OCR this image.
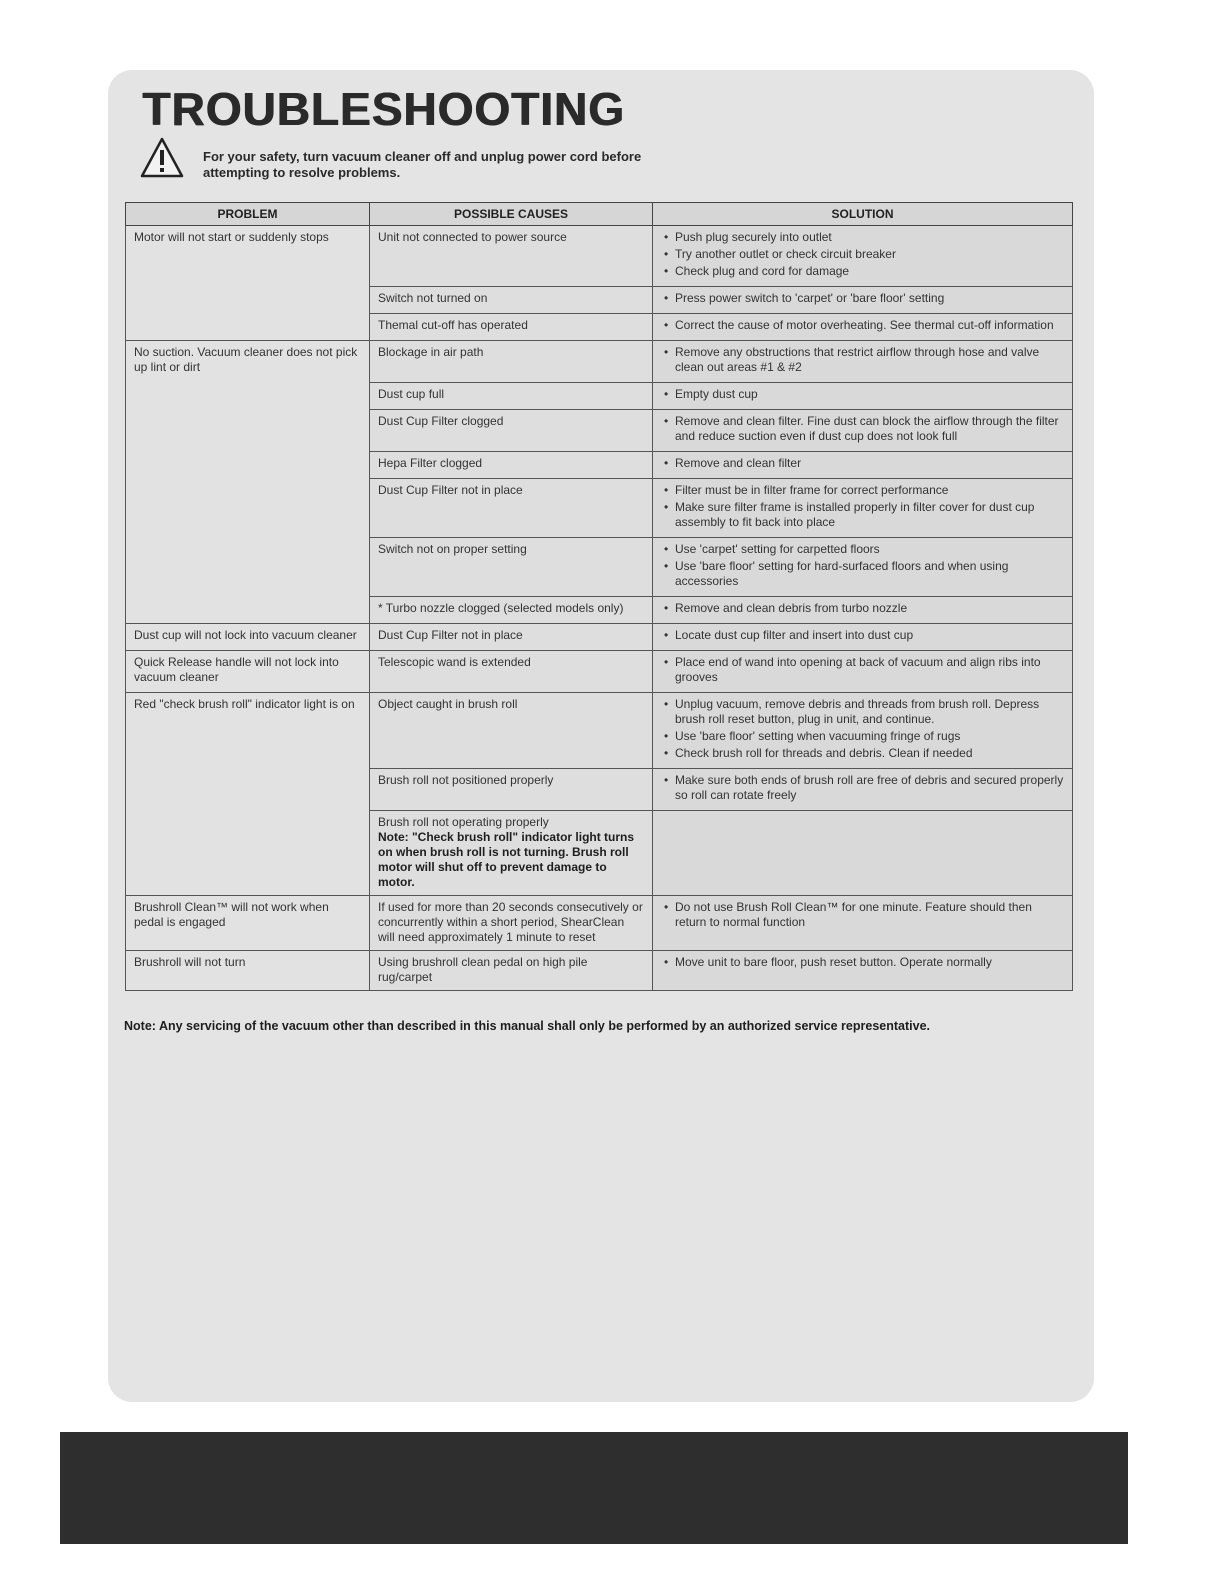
TROUBLESHOOTING
For your safety, turn vacuum cleaner off and unplug power cord before attempting to resolve problems.
PROBLEM	POSSIBLE CAUSES	SOLUTION
Motor will not start or suddenly stops	Unit not connected to power source	• Push plug securely into outlet
• Try another outlet or check circuit breaker
• Check plug and cord for damage

	Switch not turned on	• Press power switch to 'carpet' or 'bare floor' setting

	Themal cut-off has operated	• Correct the cause of motor overheating. See thermal cut-off information

No suction. Vacuum cleaner does not pick up lint or dirt	Blockage in air path	• Remove any obstructions that restrict airflow through hose and valve clean out areas #1 & #2

	Dust cup full	• Empty dust cup

	Dust Cup Filter clogged	• Remove and clean filter. Fine dust can block the airflow through the filter and reduce suction even if dust cup does not look full

	Hepa Filter clogged	• Remove and clean filter

	Dust Cup Filter not in place	• Filter must be in filter frame for correct performance
• Make sure filter frame is installed properly in filter cover for dust cup assembly to fit back into place

	Switch not on proper setting	• Use 'carpet' setting for carpetted floors
• Use 'bare floor' setting for hard-surfaced floors and when using accessories

	* Turbo nozzle clogged (selected models only)	• Remove and clean debris from turbo nozzle

Dust cup will not lock into vacuum cleaner	Dust Cup Filter not in place	• Locate dust cup filter and insert into dust cup

Quick Release handle will not lock into vacuum cleaner	Telescopic wand is extended	• Place end of wand into opening at back of vacuum and align ribs into grooves

Red "check brush roll" indicator light is on	Object caught in brush roll	• Unplug vacuum, remove debris and threads from brush roll. Depress brush roll reset button, plug in unit, and continue.
• Use 'bare floor' setting when vacuuming fringe of rugs
• Check brush roll for threads and debris. Clean if needed

	Brush roll not positioned properly	• Make sure both ends of brush roll are free of debris and secured properly so roll can rotate freely

	Brush roll not operating properly
Note: "Check brush roll" indicator light turns on when brush roll is not turning. Brush roll motor will shut off to prevent damage to motor.	

Brushroll Clean™ will not work when pedal is engaged	If used for more than 20 seconds consecutively or concurrently within a short period, ShearClean will need approximately 1 minute to reset	• Do not use Brush Roll Clean™ for one minute. Feature should then return to normal function

Brushroll will not turn	Using brushroll clean pedal on high pile rug/carpet	• Move unit to bare floor, push reset button. Operate normally
Note: Any servicing of the vacuum other than described in this manual shall only be performed by an authorized service representative.
